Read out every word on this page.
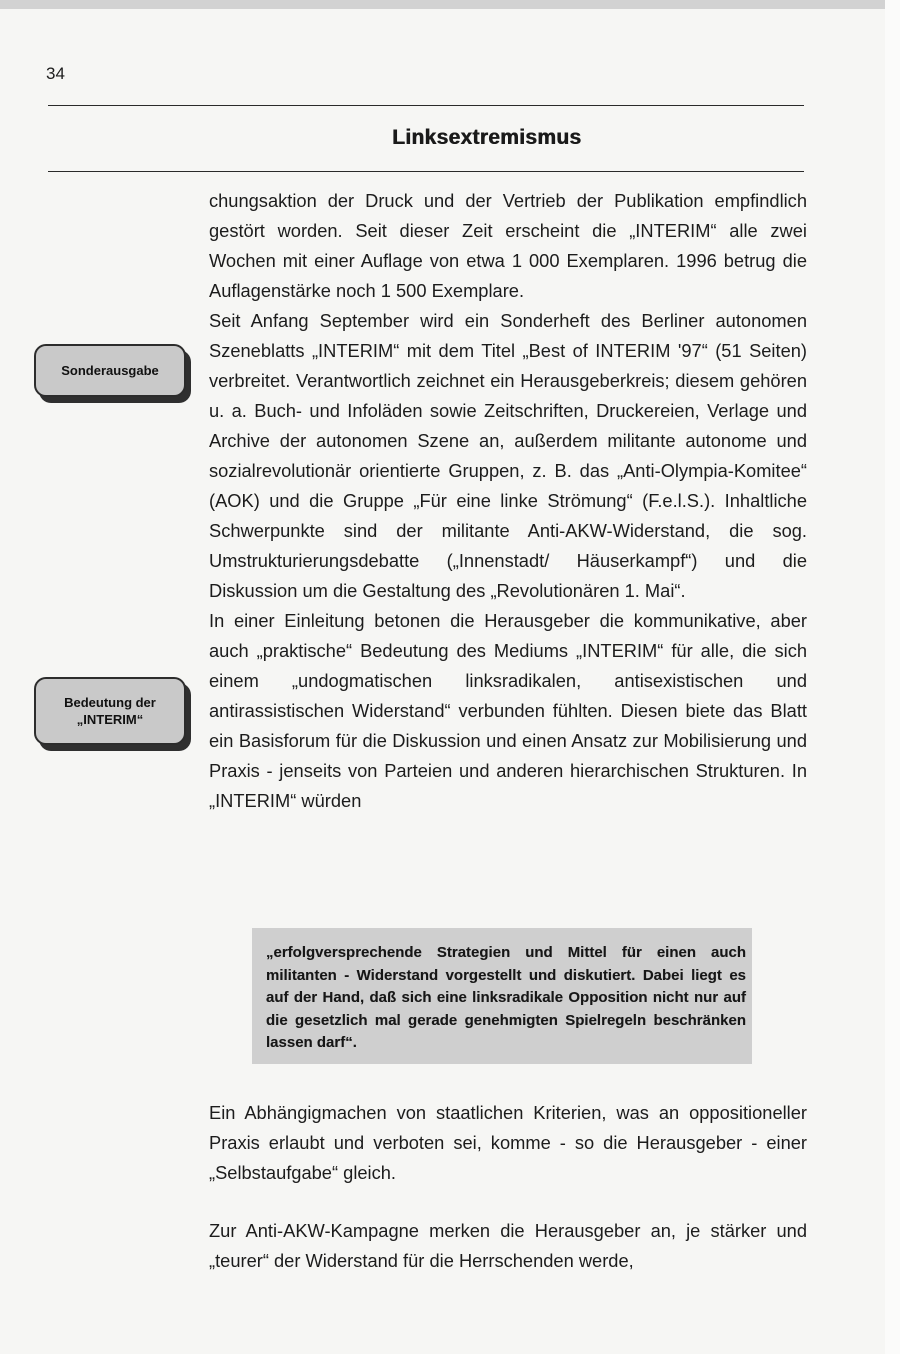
34
Linksextremismus
Sonderausgabe
Bedeutung der
„INTERIM“

chungsaktion der Druck und der Vertrieb der Publikation empfindlich gestört worden. Seit dieser Zeit erscheint die „INTERIM“ alle zwei Wochen mit einer Auflage von etwa 1 000 Exemplaren. 1996 betrug die Auflagenstärke noch 1 500 Exemplare.

Seit Anfang September wird ein Sonderheft des Berliner autonomen Szeneblatts „INTERIM“ mit dem Titel „Best of INTERIM '97“ (51 Seiten) verbreitet. Verantwortlich zeichnet ein Herausgeberkreis; diesem gehören u. a. Buch- und Infoläden sowie Zeitschriften, Druckereien, Verlage und Archive der autonomen Szene an, außerdem militante autonome und sozialrevolutionär orientierte Gruppen, z. B. das „Anti-Olympia-Komitee“ (AOK) und die Gruppe „Für eine linke Strömung“ (F.e.l.S.). Inhaltliche Schwerpunkte sind der militante Anti-AKW-Widerstand, die sog. Umstrukturierungsdebatte („Innenstadt/ Häuserkampf“) und die Diskussion um die Gestaltung des „Revolutionären 1. Mai“.

In einer Einleitung betonen die Herausgeber die kommunikative, aber auch „praktische“ Bedeutung des Mediums „INTERIM“ für alle, die sich einem „undogmatischen linksradikalen, antisexistischen und antirassistischen Widerstand“ verbunden fühlten. Diesen biete das Blatt ein Basisforum für die Diskussion und einen Ansatz zur Mobilisierung und Praxis - jenseits von Parteien und anderen hierarchischen Strukturen. In „INTERIM“ würden

„erfolgversprechende Strategien und Mittel für einen auch militanten - Widerstand vorgestellt und diskutiert. Dabei liegt es auf der Hand, daß sich eine linksradikale Opposition nicht nur auf die gesetzlich mal gerade genehmigten Spielregeln beschränken lassen darf“.

Ein Abhängigmachen von staatlichen Kriterien, was an oppositioneller Praxis erlaubt und verboten sei, komme - so die Herausgeber - einer „Selbstaufgabe“ gleich.

Zur Anti-AKW-Kampagne merken die Herausgeber an, je stärker und „teurer“ der Widerstand für die Herrschenden werde,
